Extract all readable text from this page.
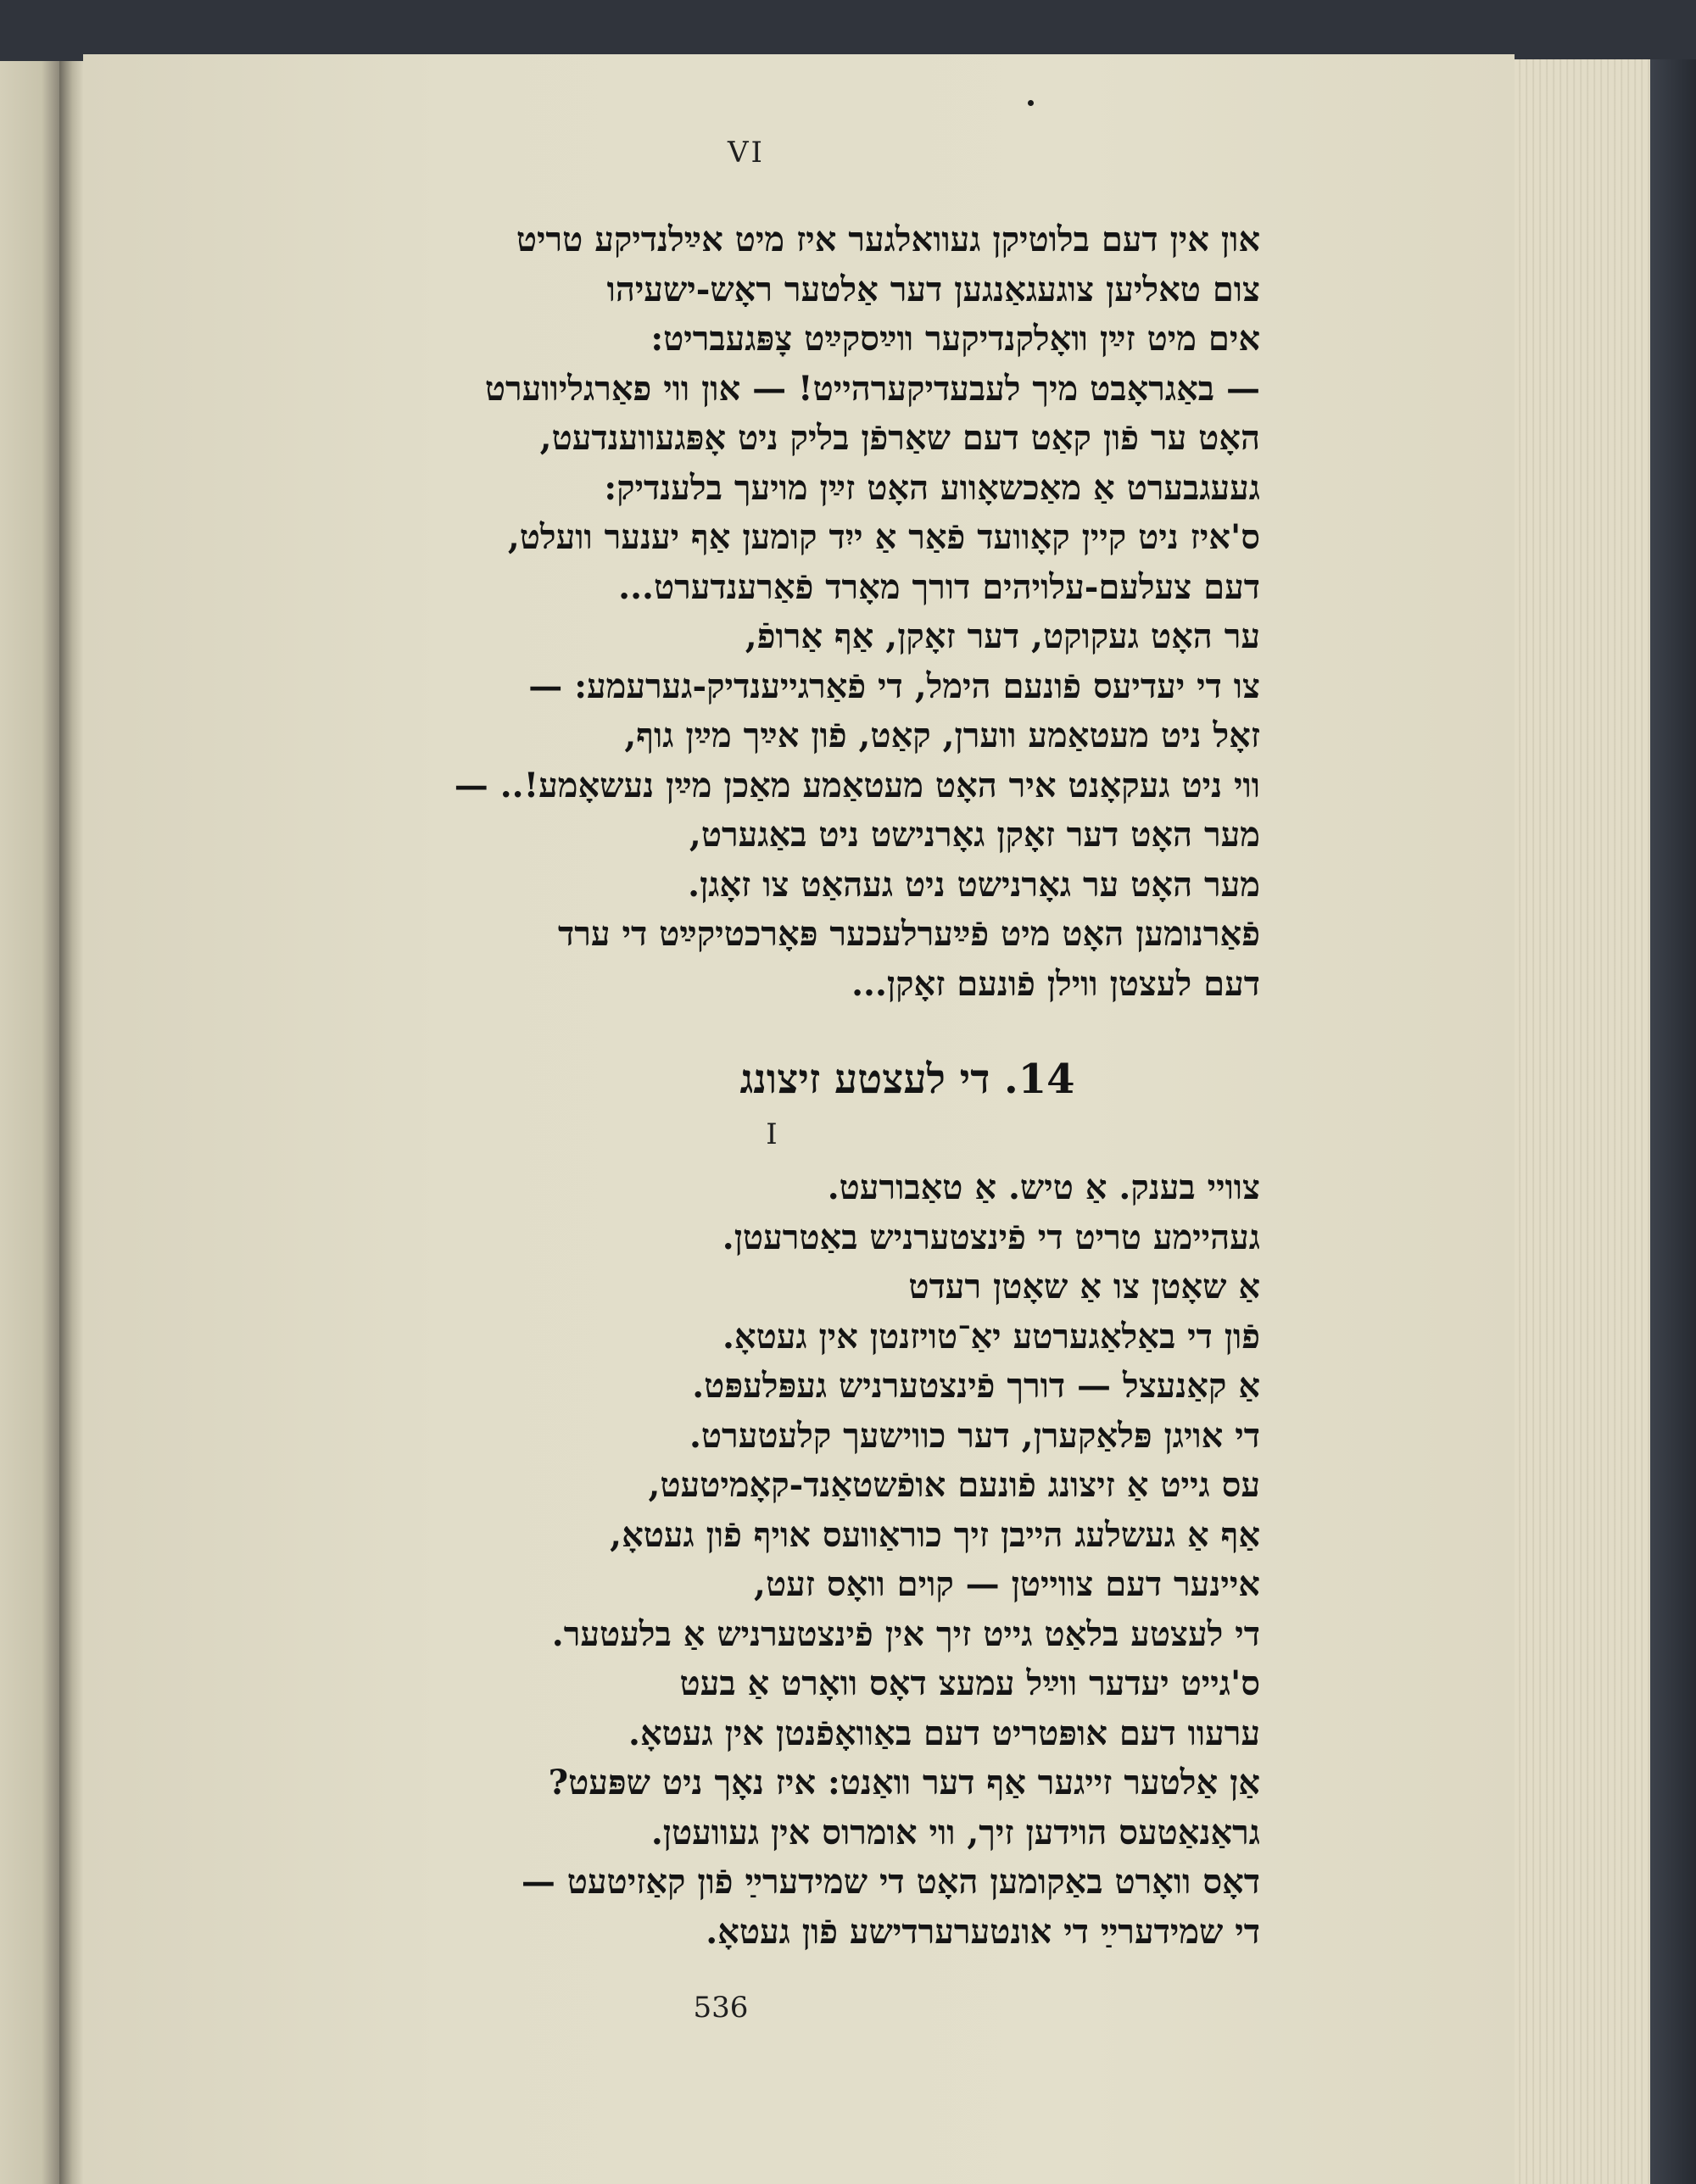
VI
און אין דעם בלוטיקן געוואלגער איז מיט אײַלנדיקע טריט
צום טאליען צוגעגאַנגען דער אַלטער ראָש-ישעיהו
אים מיט זײַן װאָלקנדיקער װײַסקײַט צָפּגעבריט:
— באַגראָבט מיך לעבעדיקערהייט! — און ווי פאַרגליווערט
האָט ער פֿון קאַט דעם שאַרפֿן בליק ניט אָפּגעווענדעט,
געעגבערט אַ מאַכשאָווע האָט זײַן מויעך בלענדיק:
ס'איז ניט קיין קאָוועד פֿאַר אַ ייִד קומען אַף יענער וועלט,
דעם צעלעם-עלויהים דורך מאָרד פֿאַרענדערט...
ער האָט געקוקט, דער זאָקן, אַף אַרופֿ,
צו די יעדיעס פֿונעם הימל, די פֿאַרגייענדיק-גערעמע: —
זאָל ניט מעטאַמע ווערן, קאַט, פֿון אײַך מײַן גוף,
ווי ניט געקאָנט איר האָט מעטאַמע מאַכן מײַן נעשאָמע!.. —
מער האָט דער זאָקן גאָרנישט ניט באַגערט,
מער האָט ער גאָרנישט ניט געהאַט צו זאָגן.
פֿאַרנומען האָט מיט פֿײַערלעכער פּאָרכטיקײַט די ערד
דעם לעצטן ווילן פֿונעם זאָקן...
14. די לעצטע זיצונג
I
צוויי בענק. אַ טיש. אַ טאַבורעט.
געהיימע טריט די פֿינצטערניש באַטרעטן.
אַ שאָטן צו אַ שאָטן רעדט
פֿון די באַלאַגערטע יאַ־טויזנטן אין געטאָ.
אַ קאַנעצל — דורך פֿינצטערניש געפּלעפּט.
די אויגן פּלאַקערן, דער כווישעך קלעטערט.
עס גייט אַ זיצונג פֿונעם אופֿשטאַנד-קאָמיטעט,
אַף אַ געשלעג הייבן זיך כוראַוועס אויף פֿון געטאָ,
איינער דעם צווייטן — קוים וואָס זעט,
די לעצטע בלאַט גייט זיך אין פֿינצטערניש אַ בלעטער.
ס'גייט יעדער ווײַל עמעצ דאָס וואָרט אַ בעט
ערעוו דעם אופּטריט דעם באַוואָפֿנטן אין געטאָ.
אַן אַלטער זייגער אַף דער וואַנט: איז נאָך ניט שפּעט?
גראַנאַטעס הוידען זיך, ווי אומרוס אין געוועטן.
דאָס וואָרט באַקומען האָט די שמידערײַ פֿון קאַזיטעט —
די שמידערײַ די אונטערערדישע פֿון געטאָ.
536
